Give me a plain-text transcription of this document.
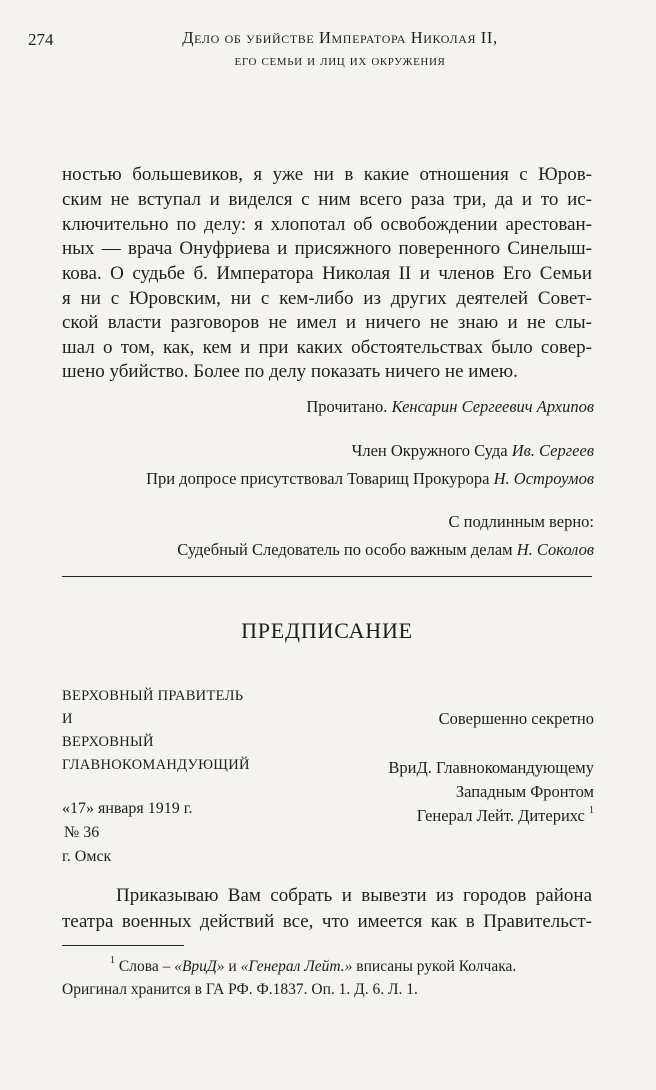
274	Дело об убийстве Императора Николая II,
его семьи и лиц их окружения
ностью большевиков, я уже ни в какие отношения с Юров-
ским не вступал и виделся с ним всего раза три, да и то ис-
ключительно по делу: я хлопотал об освобождении арестован-
ных — врача Онуфриева и присяжного поверенного Синелыш-
кова. О судьбе б. Императора Николая II и членов Его Семьи
я ни с Юровским, ни с кем-либо из других деятелей Совет-
ской власти разговоров не имел и ничего не знаю и не слы-
шал о том, как, кем и при каких обстоятельствах было совер-
шено убийство. Более по делу показать ничего не имею.
Прочитано. Кенсарин Сергеевич Архипов
Член Окружного Суда Ив. Сергеев
При допросе присутствовал Товарищ Прокурора Н. Остроумов
С подлинным верно:
Судебный Следователь по особо важным делам Н. Соколов
ПРЕДПИСАНИЕ
ВЕРХОВНЫЙ ПРАВИТЕЛЬ
И
ВЕРХОВНЫЙ
ГЛАВНОКОМАНДУЮЩИЙ
Совершенно секретно
ВриД. Главнокомандующему
Западным Фронтом
Генерал Лейт. Дитерихс $^1$
«17» января 1919 г.
№ 36
г. Омск
Приказываю Вам собрать и вывезти из городов района
театра военных действий все, что имеется как в Правительст-
$^1$ Слова – «ВриД» и «Генерал Лейт.» вписаны рукой Колчака.
Оригинал хранится в ГА РФ. Ф.1837. Оп. 1. Д. 6. Л. 1.
